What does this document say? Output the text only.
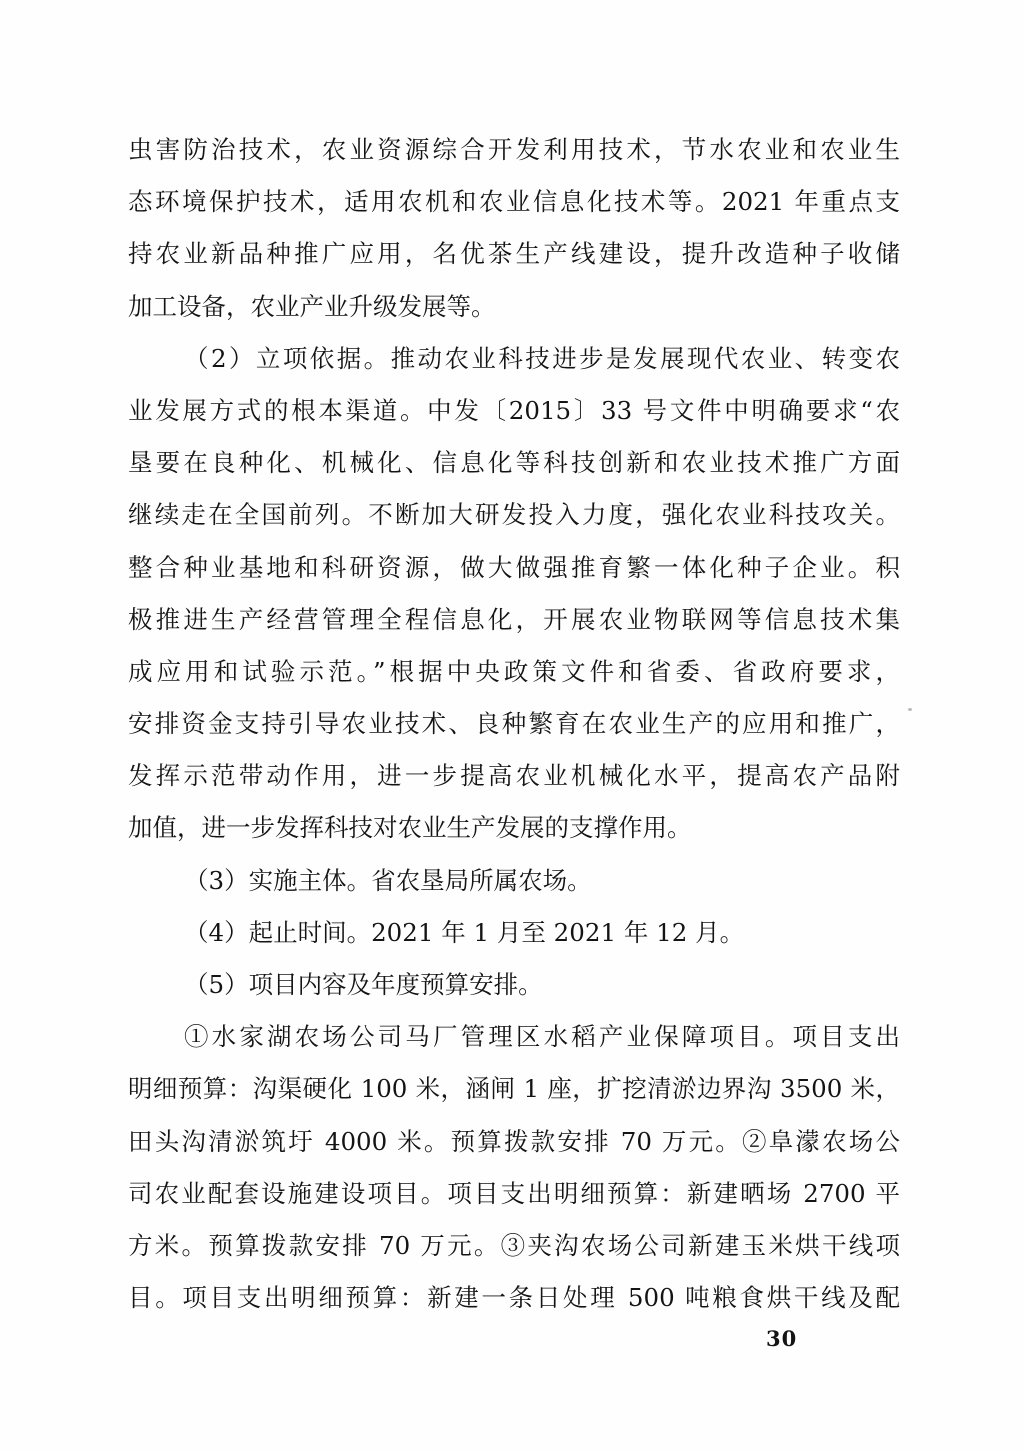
虫害防治技术，农业资源综合开发利用技术，节水农业和农业生
态环境保护技术，适用农机和农业信息化技术等。2021 年重点支
持农业新品种推广应用，名优茶生产线建设，提升改造种子收储
加工设备，农业产业升级发展等。
（2）立项依据。推动农业科技进步是发展现代农业、转变农
业发展方式的根本渠道。中发〔2015〕33 号文件中明确要求“农
垦要在良种化、机械化、信息化等科技创新和农业技术推广方面
继续走在全国前列。不断加大研发投入力度，强化农业科技攻关。
整合种业基地和科研资源，做大做强推育繁一体化种子企业。积
极推进生产经营管理全程信息化，开展农业物联网等信息技术集
成应用和试验示范。”根据中央政策文件和省委、省政府要求，
安排资金支持引导农业技术、良种繁育在农业生产的应用和推广，
发挥示范带动作用，进一步提高农业机械化水平，提高农产品附
加值，进一步发挥科技对农业生产发展的支撑作用。
（3）实施主体。省农垦局所属农场。
（4）起止时间。2021 年 1 月至 2021 年 12 月。
（5）项目内容及年度预算安排。
①水家湖农场公司马厂管理区水稻产业保障项目。项目支出
明细预算：沟渠硬化 100 米，涵闸 1 座，扩挖清淤边界沟 3500 米，
田头沟清淤筑圩 4000 米。预算拨款安排 70 万元。②阜濛农场公
司农业配套设施建设项目。项目支出明细预算：新建晒场 2700 平
方米。预算拨款安排 70 万元。③夹沟农场公司新建玉米烘干线项
目。项目支出明细预算：新建一条日处理 500 吨粮食烘干线及配
30
